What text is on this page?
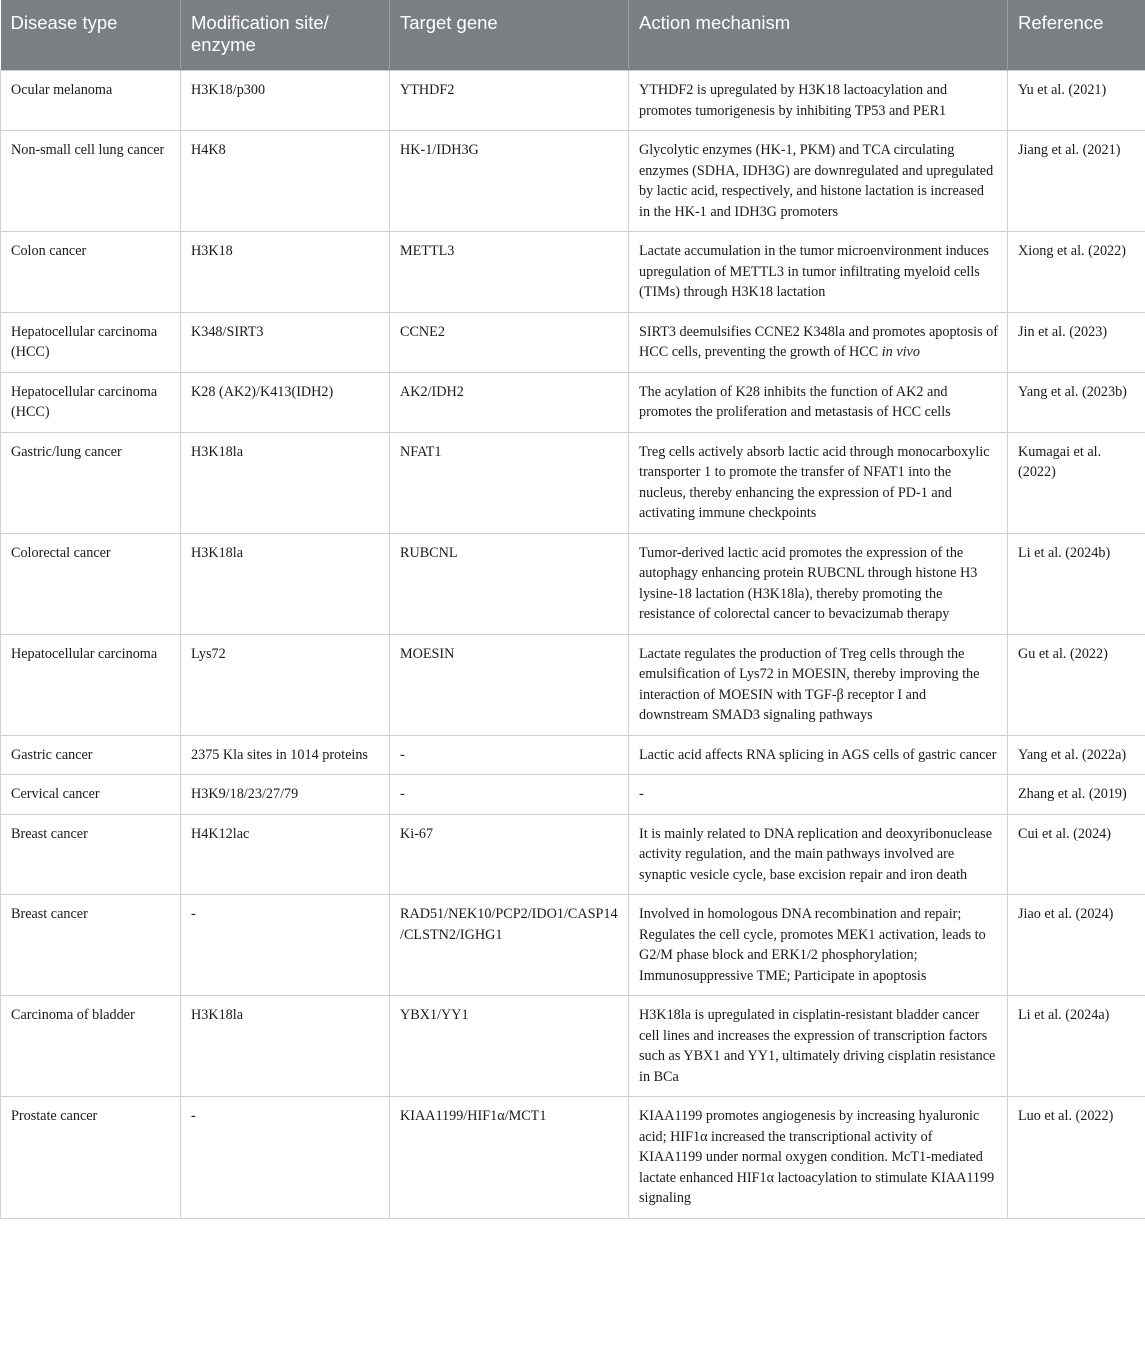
Disease type	Modification site/ enzyme	Target gene	Action mechanism	Reference
Ocular melanoma	H3K18/p300	YTHDF2	YTHDF2 is upregulated by H3K18 lactoacylation and promotes tumorigenesis by inhibiting TP53 and PER1	Yu et al. (2021)
Non-small cell lung cancer	H4K8	HK-1/IDH3G	Glycolytic enzymes (HK-1, PKM) and TCA circulating enzymes (SDHA, IDH3G) are downregulated and upregulated by lactic acid, respectively, and histone lactation is increased in the HK-1 and IDH3G promoters	Jiang et al. (2021)
Colon cancer	H3K18	METTL3	Lactate accumulation in the tumor microenvironment induces upregulation of METTL3 in tumor infiltrating myeloid cells (TIMs) through H3K18 lactation	Xiong et al. (2022)
Hepatocellular carcinoma (HCC)	K348/SIRT3	CCNE2	SIRT3 deemulsifies CCNE2 K348la and promotes apoptosis of HCC cells, preventing the growth of HCC in vivo	Jin et al. (2023)
Hepatocellular carcinoma (HCC)	K28 (AK2)/K413(IDH2)	AK2/IDH2	The acylation of K28 inhibits the function of AK2 and promotes the proliferation and metastasis of HCC cells	Yang et al. (2023b)
Gastric/lung cancer	H3K18la	NFAT1	Treg cells actively absorb lactic acid through monocarboxylic transporter 1 to promote the transfer of NFAT1 into the nucleus, thereby enhancing the expression of PD-1 and activating immune checkpoints	Kumagai et al. (2022)
Colorectal cancer	H3K18la	RUBCNL	Tumor-derived lactic acid promotes the expression of the autophagy enhancing protein RUBCNL through histone H3 lysine-18 lactation (H3K18la), thereby promoting the resistance of colorectal cancer to bevacizumab therapy	Li et al. (2024b)
Hepatocellular carcinoma	Lys72	MOESIN	Lactate regulates the production of Treg cells through the emulsification of Lys72 in MOESIN, thereby improving the interaction of MOESIN with TGF-β receptor I and downstream SMAD3 signaling pathways	Gu et al. (2022)
Gastric cancer	2375 Kla sites in 1014 proteins	-	Lactic acid affects RNA splicing in AGS cells of gastric cancer	Yang et al. (2022a)
Cervical cancer	H3K9/18/23/27/79	-	-	Zhang et al. (2019)
Breast cancer	H4K12lac	Ki-67	It is mainly related to DNA replication and deoxyribonuclease activity regulation, and the main pathways involved are synaptic vesicle cycle, base excision repair and iron death	Cui et al. (2024)
Breast cancer	-	RAD51/NEK10/PCP2/IDO1/CASP14/CLSTN2/IGHG1	Involved in homologous DNA recombination and repair; Regulates the cell cycle, promotes MEK1 activation, leads to G2/M phase block and ERK1/2 phosphorylation; Immunosuppressive TME; Participate in apoptosis	Jiao et al. (2024)
Carcinoma of bladder	H3K18la	YBX1/YY1	H3K18la is upregulated in cisplatin-resistant bladder cancer cell lines and increases the expression of transcription factors such as YBX1 and YY1, ultimately driving cisplatin resistance in BCa	Li et al. (2024a)
Prostate cancer	-	KIAA1199/HIF1α/MCT1	KIAA1199 promotes angiogenesis by increasing hyaluronic acid; HIF1α increased the transcriptional activity of KIAA1199 under normal oxygen condition. McT1-mediated lactate enhanced HIF1α lactoacylation to stimulate KIAA1199 signaling	Luo et al. (2022)
